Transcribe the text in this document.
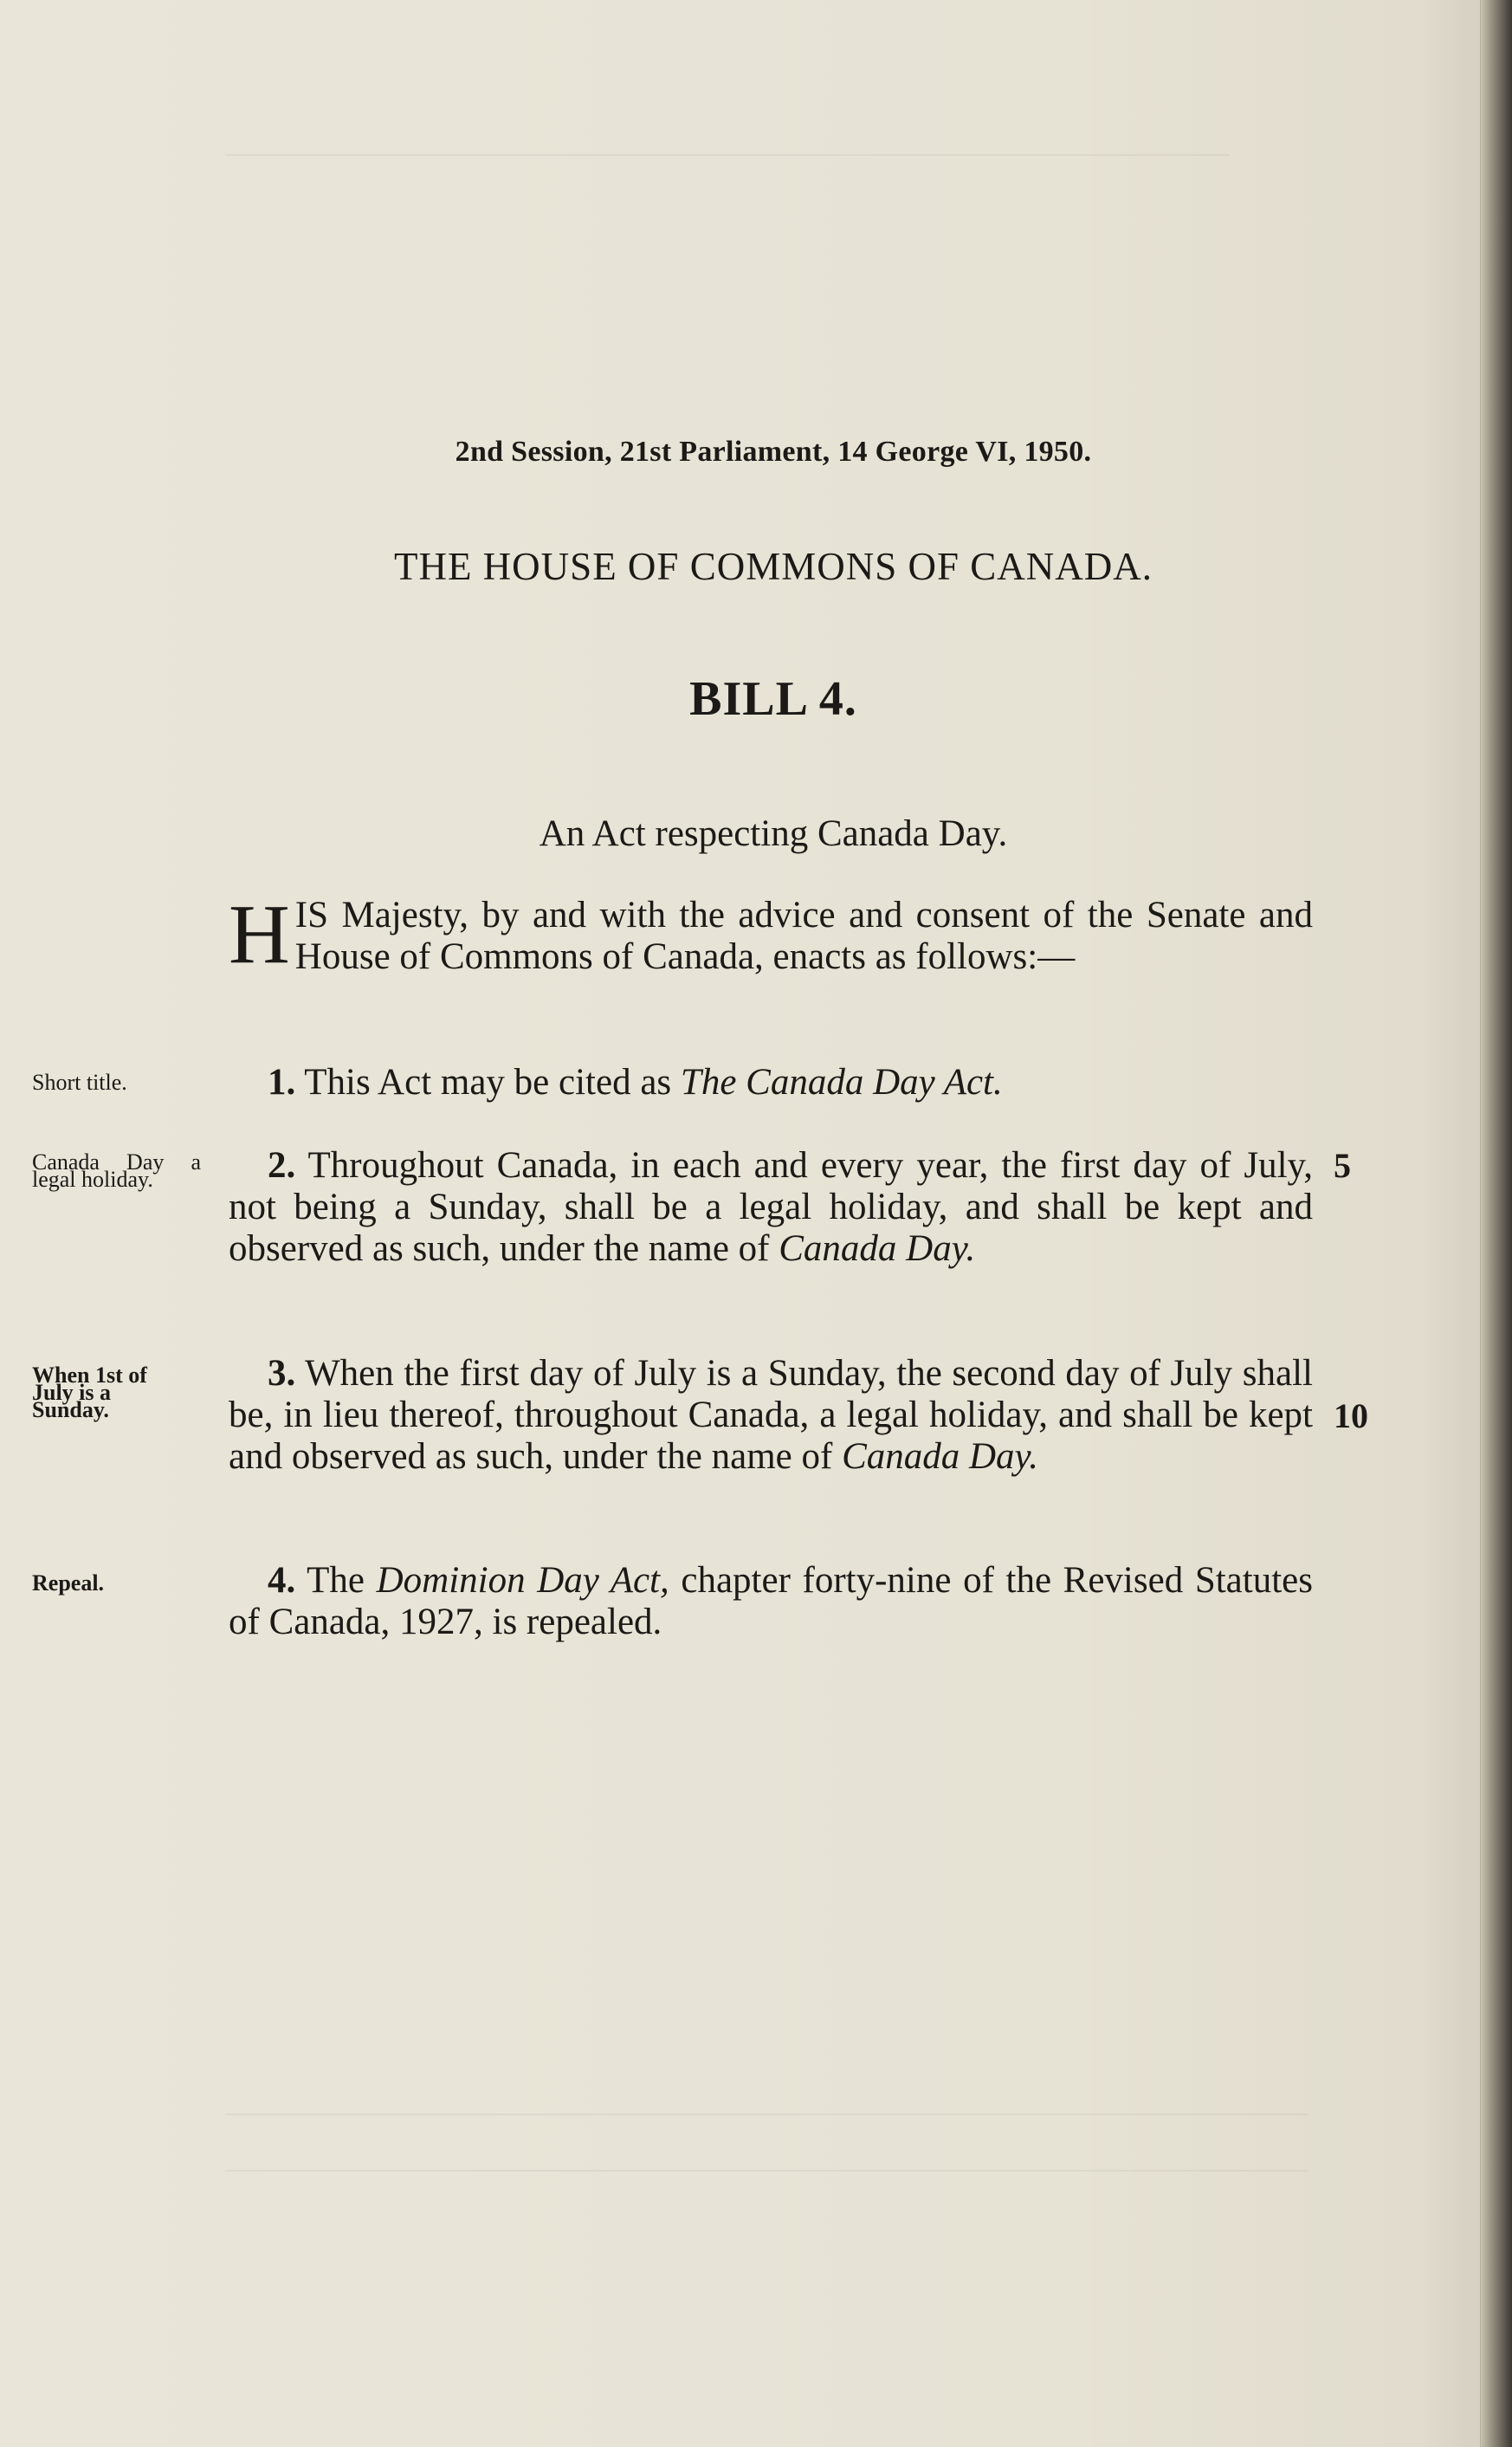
2nd Session, 21st Parliament, 14 George VI, 1950.
THE HOUSE OF COMMONS OF CANADA.
BILL 4.
An Act respecting Canada Day.
HIS Majesty, by and with the advice and consent of the Senate and House of Commons of Canada, enacts as follows:—
Short title.	1. This Act may be cited as The Canada Day Act.
Canada Day a legal holiday.	2. Throughout Canada, in each and every year, the first day of July, not being a Sunday, shall be a legal holiday, and shall be kept and observed as such, under the name of Canada Day.
5
When 1st of July is a Sunday.
3. When the first day of July is a Sunday, the second day of July shall be, in lieu thereof, throughout Canada, a legal holiday, and shall be kept and observed as such, under the name of Canada Day.
10
Repeal.	4. The Dominion Day Act, chapter forty-nine of the Revised Statutes of Canada, 1927, is repealed.
